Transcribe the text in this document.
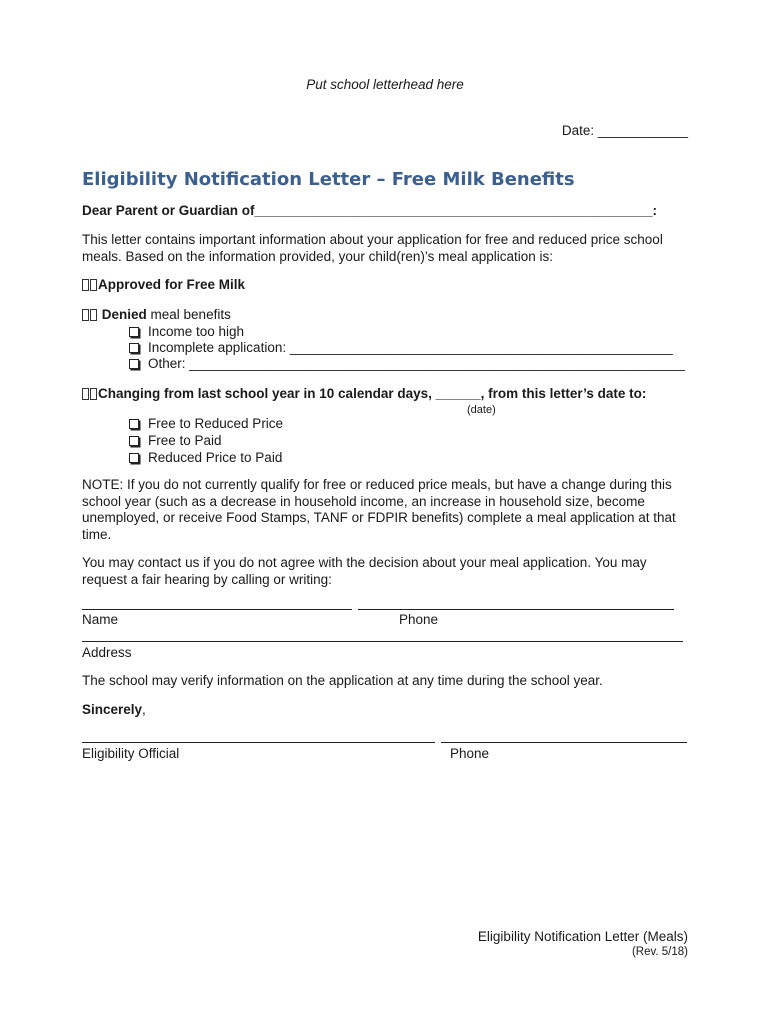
Put school letterhead here
Date: ____________
Eligibility Notification Letter – Free Milk Benefits
Dear Parent or Guardian of_____________________________________________________:
This letter contains important information about your application for free and reduced price school meals. Based on the information provided, your child(ren)’s meal application is:
Approved for Free Milk
Denied meal benefits
Income too high
Incomplete application: ___________________________________________________
Other: __________________________________________________________________
Changing from last school year in 10 calendar days, ______, from this letter’s date to:
(date)
Free to Reduced Price
Free to Paid
Reduced Price to Paid
NOTE: If you do not currently qualify for free or reduced price meals, but have a change during this school year (such as a decrease in household income, an increase in household size, become unemployed, or receive Food Stamps, TANF or FDPIR benefits) complete a meal application at that time.
You may contact us if you do not agree with the decision about your meal application. You may request a fair hearing by calling or writing:
Name	Phone
Address
The school may verify information on the application at any time during the school year.
Sincerely,
Eligibility Official	Phone
Eligibility Notification Letter (Meals)
(Rev. 5/18)
